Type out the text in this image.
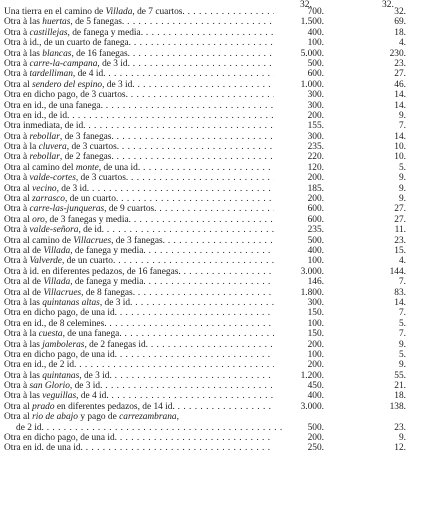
32.	32.
Una tierra en el camino de Villada, de 7 cuartos. . . .	700.	32.
Otra à las huertas, de 5 fanegas. . . .	1.500.	69.
Otra à castillejas, de fanega y media. . . .	400.	18.
Otra à id., de un cuarto de fanega. . . .	100.	4.
Otra à las blancas, de 16 fanegas. . . .	5.000.	230.
Otra à carre-la-campana, de 3 id. . . .	500.	23.
Otra à tardelliman, de 4 id. . . .	600.	27.
Otra al sendero del espino, de 3 id. . . .	1.000.	46.
Otra en dicho pago, de 3 cuartos. . . .	300.	14.
Otra en id., de una fanega. . . .	300.	14.
Otra en id., de id. . . .	200.	9.
Otra inmediata, de id. . . .	155.	7.
Otra à rebollar, de 3 fanegas. . . .	300.	14.
Otra à la cluvera, de 3 cuartos. . . .	235.	10.
Otra à rebollar, de 2 fanegas. . . .	220.	10.
Otra al camino del monte, de una id. . . .	120.	5.
Otra à valde-cortes, de 3 cuartos. . . .	200.	9.
Otra al vecino, de 3 id. . . .	185.	9.
Otra al zarrasco, de un cuarto. . . .	200.	9.
Otra à carre-las-junqueras, de 9 cuartos. . . .	600.	27.
Otra al oro, de 3 fanegas y media. . . .	600.	27.
Otra à valde-señora, de id. . . .	235.	11.
Otra al camino de Villacrues, de 3 fanegas. . . .	500.	23.
Otra al de Villada, de fanega y media. . . .	400.	15.
Otra à Valverde, de un cuarto. . . .	100.	4.
Otra à id. en diferentes pedazos, de 16 fanegas. . . .	3.000.	144.
Otra al de Villada, de fanega y media. . . .	146.	7.
Otra al de Villacrues, de 8 fanegas. . . .	1.800.	83.
Otra à las quintanas altas, de 3 id. . . .	300.	14.
Otra en dicho pago, de una id. . . .	150.	7.
Otra en id., de 8 celemines. . . .	100.	5.
Otra à la cuesta, de una fanega. . . .	150.	7.
Otra à las jamboleras, de 2 fanegas id. . . .	200.	9.
Otra en dicho pago, de una id. . . .	100.	5.
Otra en id., de 2 id. . . .	200.	9.
Otra à las quintanas, de 3 id. . . .	1.200.	55.
Otra à san Glorio, de 3 id. . . .	450.	21.
Otra à las veguillas, de 4 id. . . .	400.	18.
Otra al prado en diferentes pedazos, de 14 id. . . .	3.000.	138.
Otra al rio de abajo y pago de carrezambrana,
de 2 id. . . .	500.	23.
Otra en dicho pago, de una id. . . .	200.	9.
Otra en id. de una id. . . .	250.	12.
